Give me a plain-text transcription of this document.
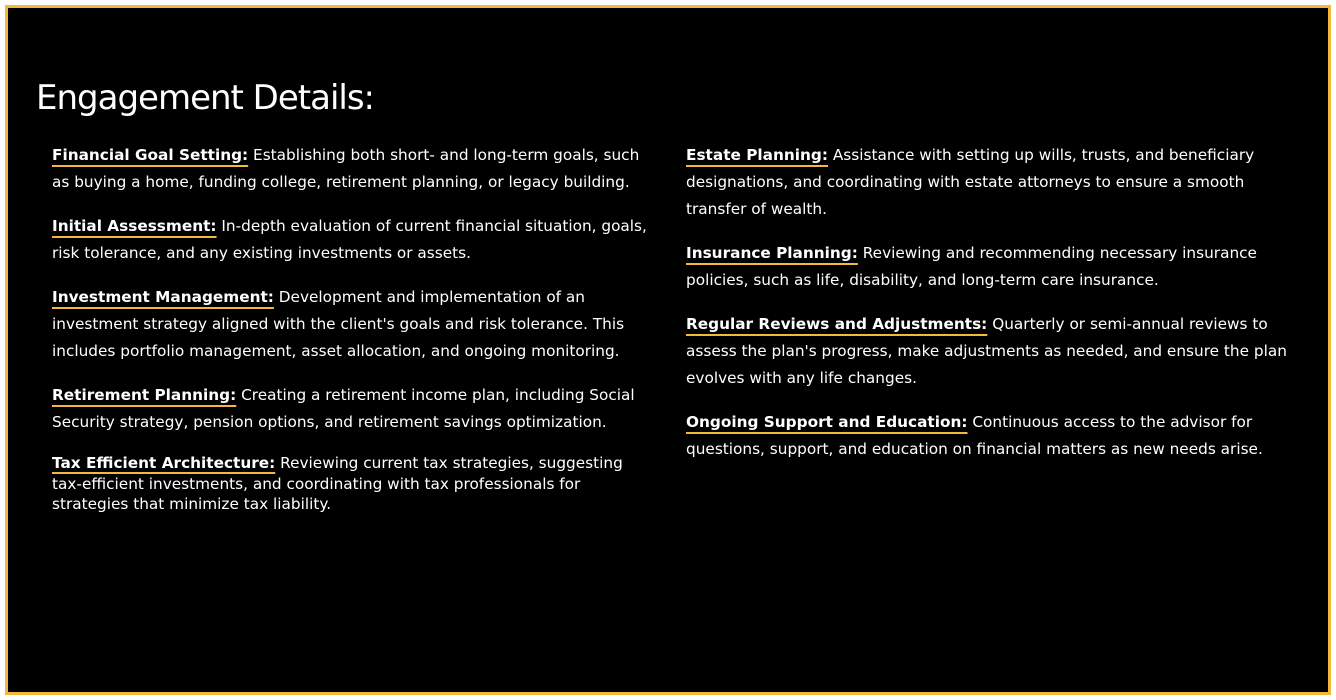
Engagement Details:

Financial Goal Setting: Establishing both short- and long-term goals, such as buying a home, funding college, retirement planning, or legacy building.

Initial Assessment: In-depth evaluation of current financial situation, goals, risk tolerance, and any existing investments or assets.

Investment Management: Development and implementation of an investment strategy aligned with the client's goals and risk tolerance. This includes portfolio management, asset allocation, and ongoing monitoring.

Retirement Planning: Creating a retirement income plan, including Social Security strategy, pension options, and retirement savings optimization.

Tax Efficient Architecture: Reviewing current tax strategies, suggesting tax-efficient investments, and coordinating with tax professionals for strategies that minimize tax liability.

Estate Planning: Assistance with setting up wills, trusts, and beneficiary designations, and coordinating with estate attorneys to ensure a smooth transfer of wealth.

Insurance Planning: Reviewing and recommending necessary insurance policies, such as life, disability, and long-term care insurance.

Regular Reviews and Adjustments: Quarterly or semi-annual reviews to assess the plan's progress, make adjustments as needed, and ensure the plan evolves with any life changes.

Ongoing Support and Education: Continuous access to the advisor for questions, support, and education on financial matters as new needs arise.
